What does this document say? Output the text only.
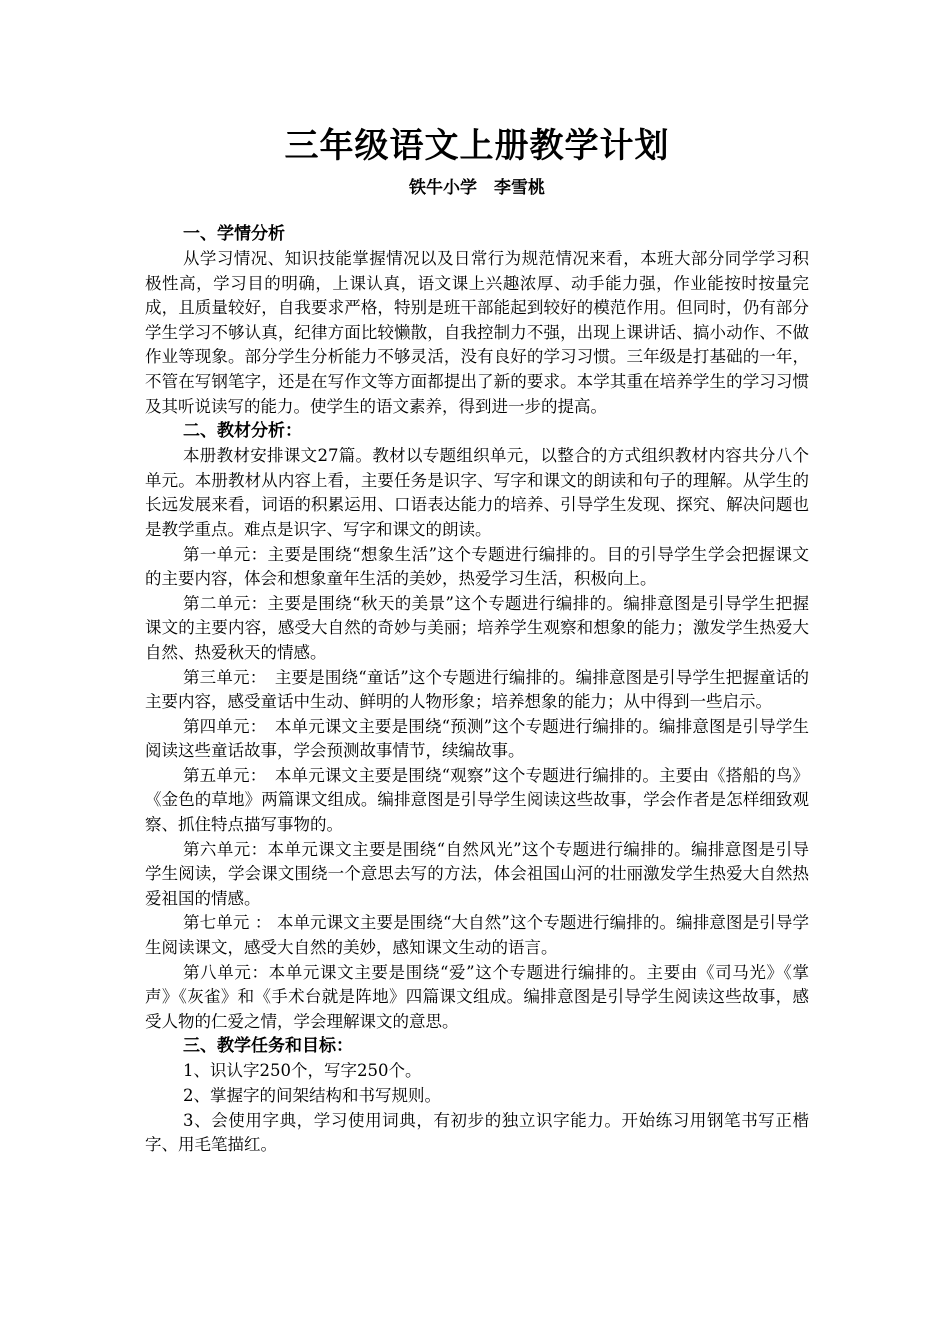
三年级语文上册教学计划

铁牛小学　李雪桃

一、学情分析

从学习情况、知识技能掌握情况以及日常行为规范情况来看，本班大部分同学学习积极性高，学习目的明确，上课认真，语文课上兴趣浓厚、动手能力强，作业能按时按量完成，且质量较好，自我要求严格，特别是班干部能起到较好的模范作用。但同时，仍有部分学生学习不够认真，纪律方面比较懒散，自我控制力不强，出现上课讲话、搞小动作、不做作业等现象。部分学生分析能力不够灵活，没有良好的学习习惯。三年级是打基础的一年，不管在写钢笔字，还是在写作文等方面都提出了新的要求。本学其重在培养学生的学习习惯及其听说读写的能力。使学生的语文素养，得到进一步的提高。

二、教材分析：

本册教材安排课文27篇。教材以专题组织单元，以整合的方式组织教材内容共分八个单元。本册教材从内容上看，主要任务是识字、写字和课文的朗读和句子的理解。从学生的长远发展来看，词语的积累运用、口语表达能力的培养、引导学生发现、探究、解决问题也是教学重点。难点是识字、写字和课文的朗读。

第一单元：主要是围绕“想象生活”这个专题进行编排的。目的引导学生学会把握课文的主要内容，体会和想象童年生活的美妙，热爱学习生活，积极向上。

第二单元：主要是围绕“秋天的美景”这个专题进行编排的。编排意图是引导学生把握课文的主要内容，感受大自然的奇妙与美丽；培养学生观察和想象的能力；激发学生热爱大自然、热爱秋天的情感。

第三单元：　主要是围绕“童话”这个专题进行编排的。编排意图是引导学生把握童话的主要内容，感受童话中生动、鲜明的人物形象；培养想象的能力；从中得到一些启示。

第四单元：　本单元课文主要是围绕“预测”这个专题进行编排的。编排意图是引导学生阅读这些童话故事，学会预测故事情节，续编故事。

第五单元：　本单元课文主要是围绕“观察”这个专题进行编排的。主要由《搭船的鸟》《金色的草地》两篇课文组成。编排意图是引导学生阅读这些故事，学会作者是怎样细致观察、抓住特点描写事物的。

第六单元：本单元课文主要是围绕“自然风光”这个专题进行编排的。编排意图是引导学生阅读，学会课文围绕一个意思去写的方法，体会祖国山河的壮丽激发学生热爱大自然热爱祖国的情感。

第七单元 ： 本单元课文主要是围绕“大自然”这个专题进行编排的。编排意图是引导学生阅读课文，感受大自然的美妙，感知课文生动的语言。

第八单元：本单元课文主要是围绕“爱”这个专题进行编排的。主要由《司马光》《掌声》《灰雀》和《手术台就是阵地》四篇课文组成。编排意图是引导学生阅读这些故事，感受人物的仁爱之情，学会理解课文的意思。

三、教学任务和目标：

1、识认字250个，写字250个。

2、掌握字的间架结构和书写规则。

3、会使用字典，学习使用词典，有初步的独立识字能力。开始练习用钢笔书写正楷字、用毛笔描红。
